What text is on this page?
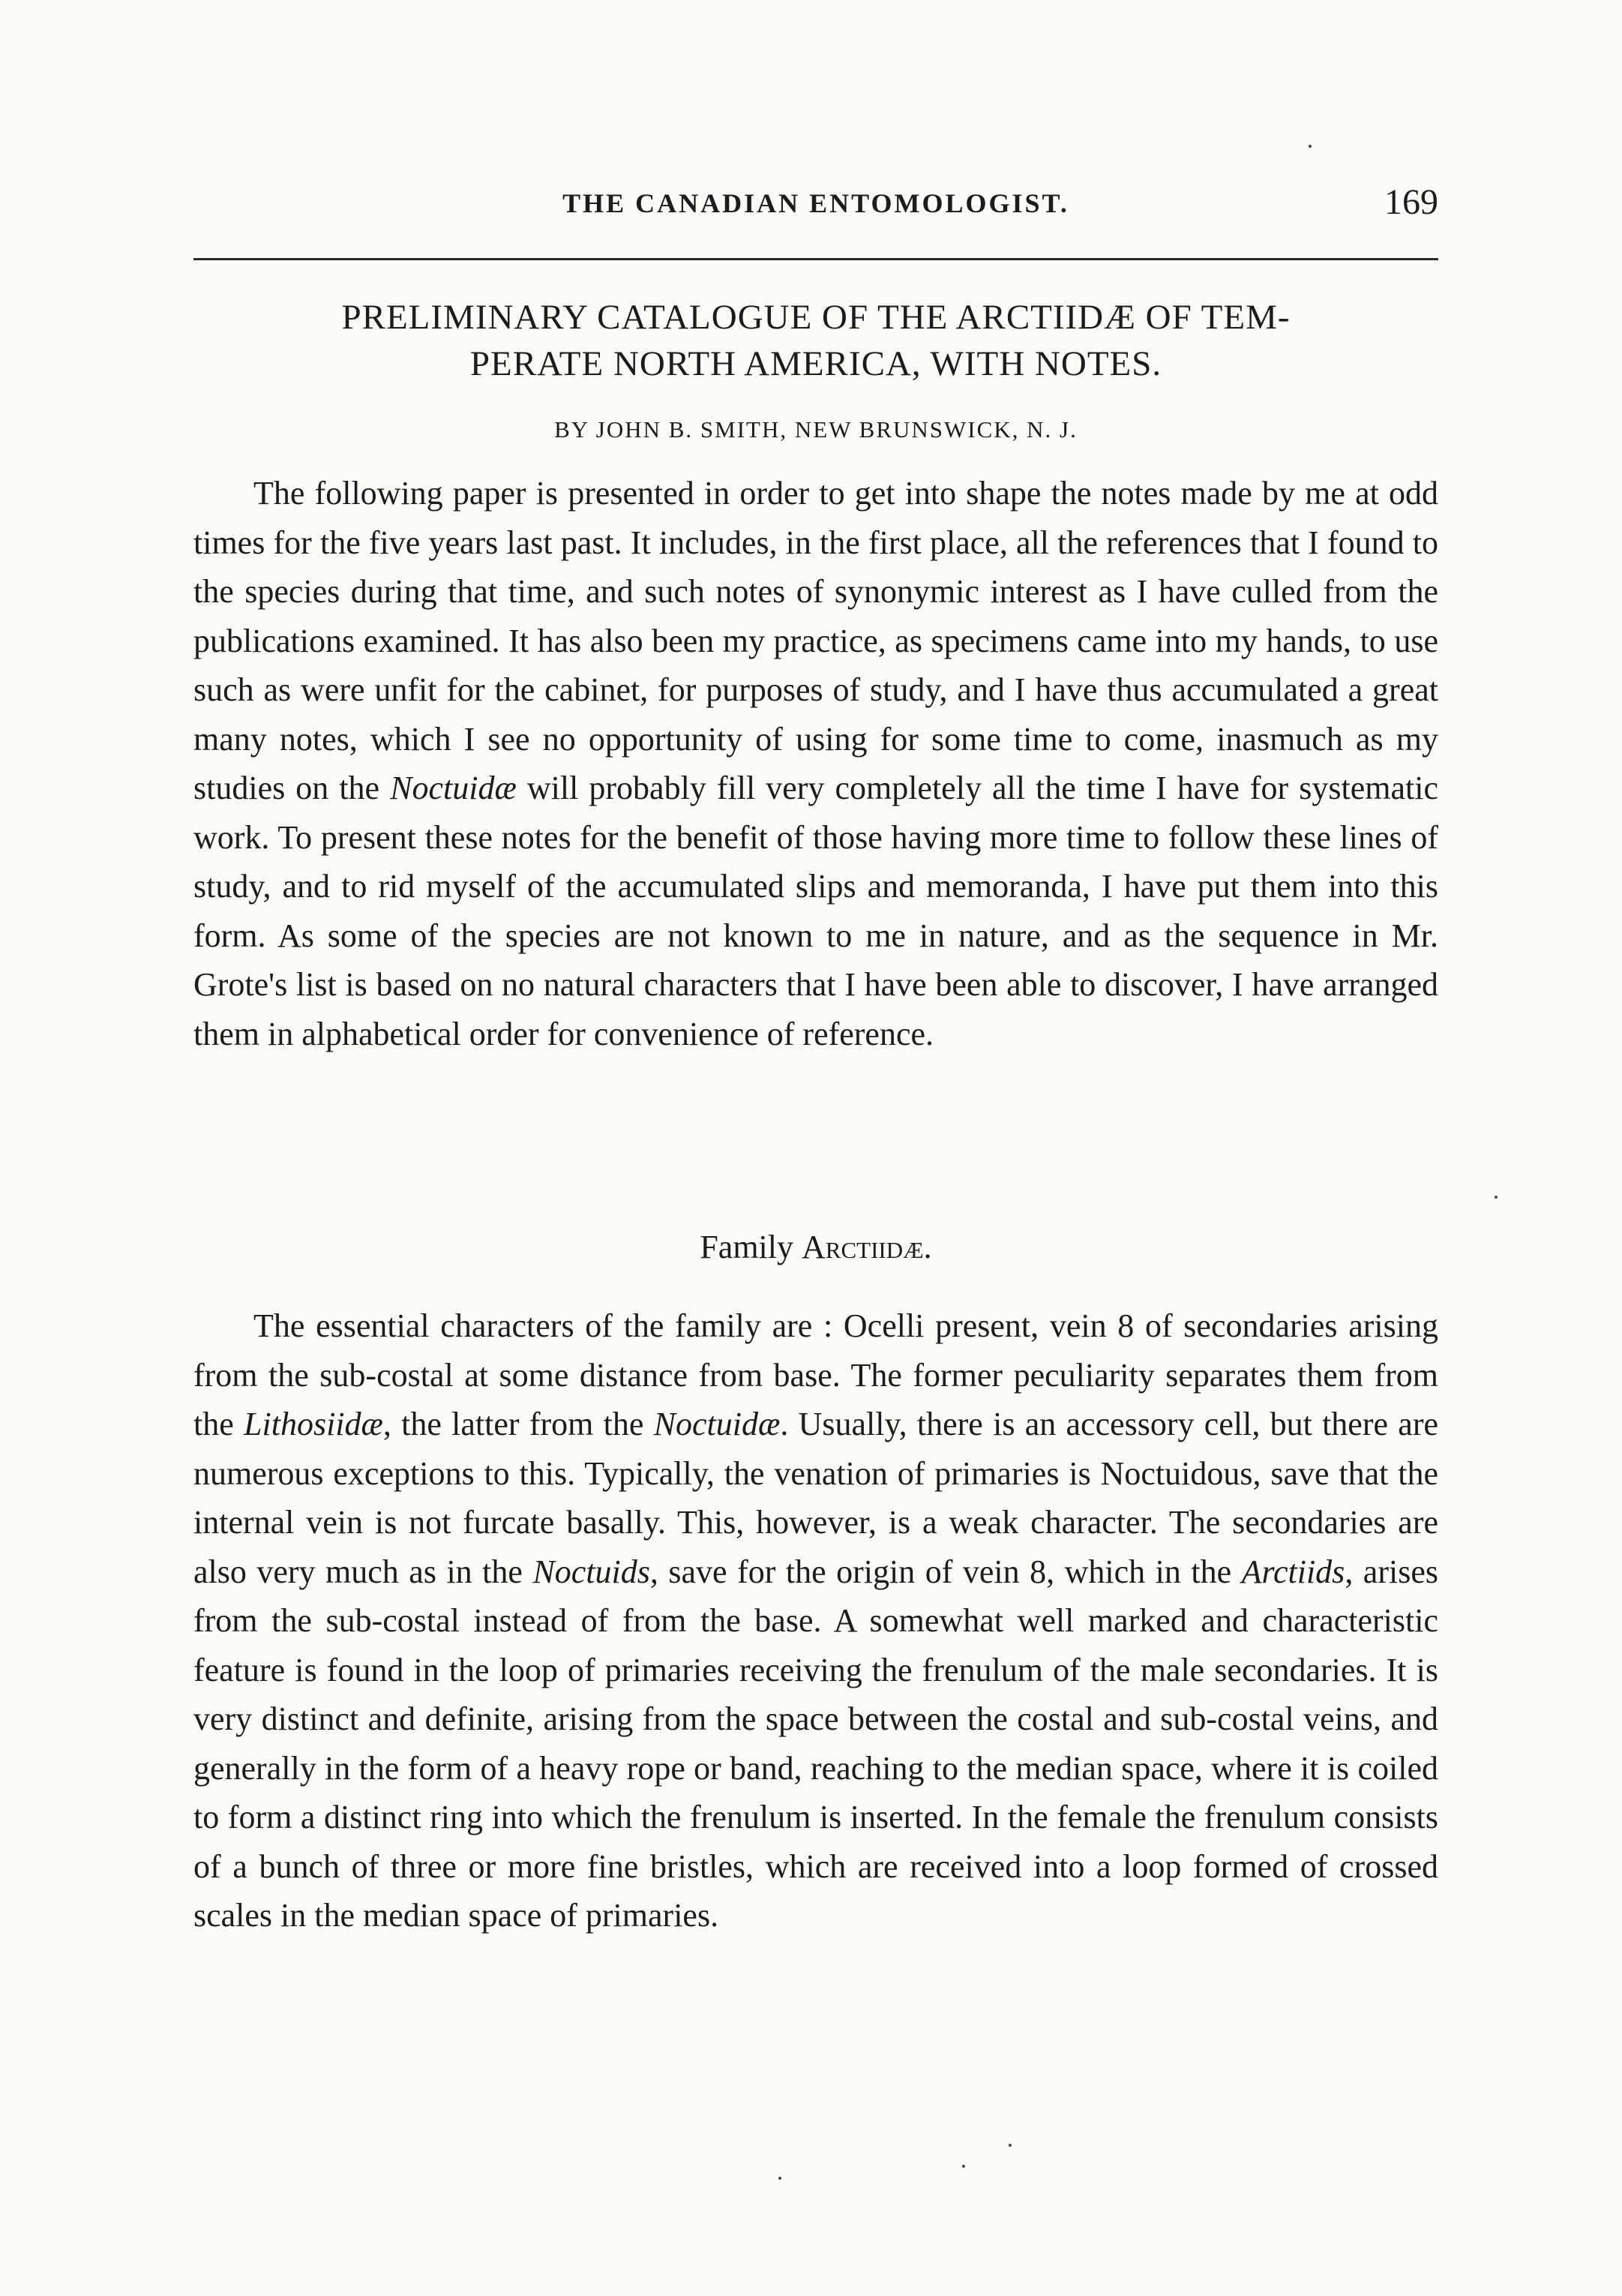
THE CANADIAN ENTOMOLOGIST.	169
PRELIMINARY CATALOGUE OF THE ARCTIIDÆ OF TEM-
PERATE NORTH AMERICA, WITH NOTES.
BY JOHN B. SMITH, NEW BRUNSWICK, N. J.

The following paper is presented in order to get into shape the notes made by me at odd times for the five years last past. It includes, in the first place, all the references that I found to the species during that time, and such notes of synonymic interest as I have culled from the publications examined. It has also been my practice, as specimens came into my hands, to use such as were unfit for the cabinet, for purposes of study, and I have thus accumulated a great many notes, which I see no opportunity of using for some time to come, inasmuch as my studies on the Noctuidæ will probably fill very completely all the time I have for systematic work. To present these notes for the benefit of those having more time to follow these lines of study, and to rid myself of the accumulated slips and memoranda, I have put them into this form. As some of the species are not known to me in nature, and as the sequence in Mr. Grote's list is based on no natural characters that I have been able to discover, I have arranged them in alphabetical order for convenience of reference.

Family Arctiidæ.

The essential characters of the family are : Ocelli present, vein 8 of secondaries arising from the sub-costal at some distance from base. The former peculiarity separates them from the Lithosiidæ, the latter from the Noctuidæ. Usually, there is an accessory cell, but there are numerous exceptions to this. Typically, the venation of primaries is Noctuidous, save that the internal vein is not furcate basally. This, however, is a weak character. The secondaries are also very much as in the Noctuids, save for the origin of vein 8, which in the Arctiids, arises from the sub-costal instead of from the base. A somewhat well marked and characteristic feature is found in the loop of primaries receiving the frenulum of the male secondaries. It is very distinct and definite, arising from the space between the costal and sub-costal veins, and generally in the form of a heavy rope or band, reaching to the median space, where it is coiled to form a distinct ring into which the frenulum is inserted. In the female the frenulum consists of a bunch of three or more fine bristles, which are received into a loop formed of crossed scales in the median space of primaries.
